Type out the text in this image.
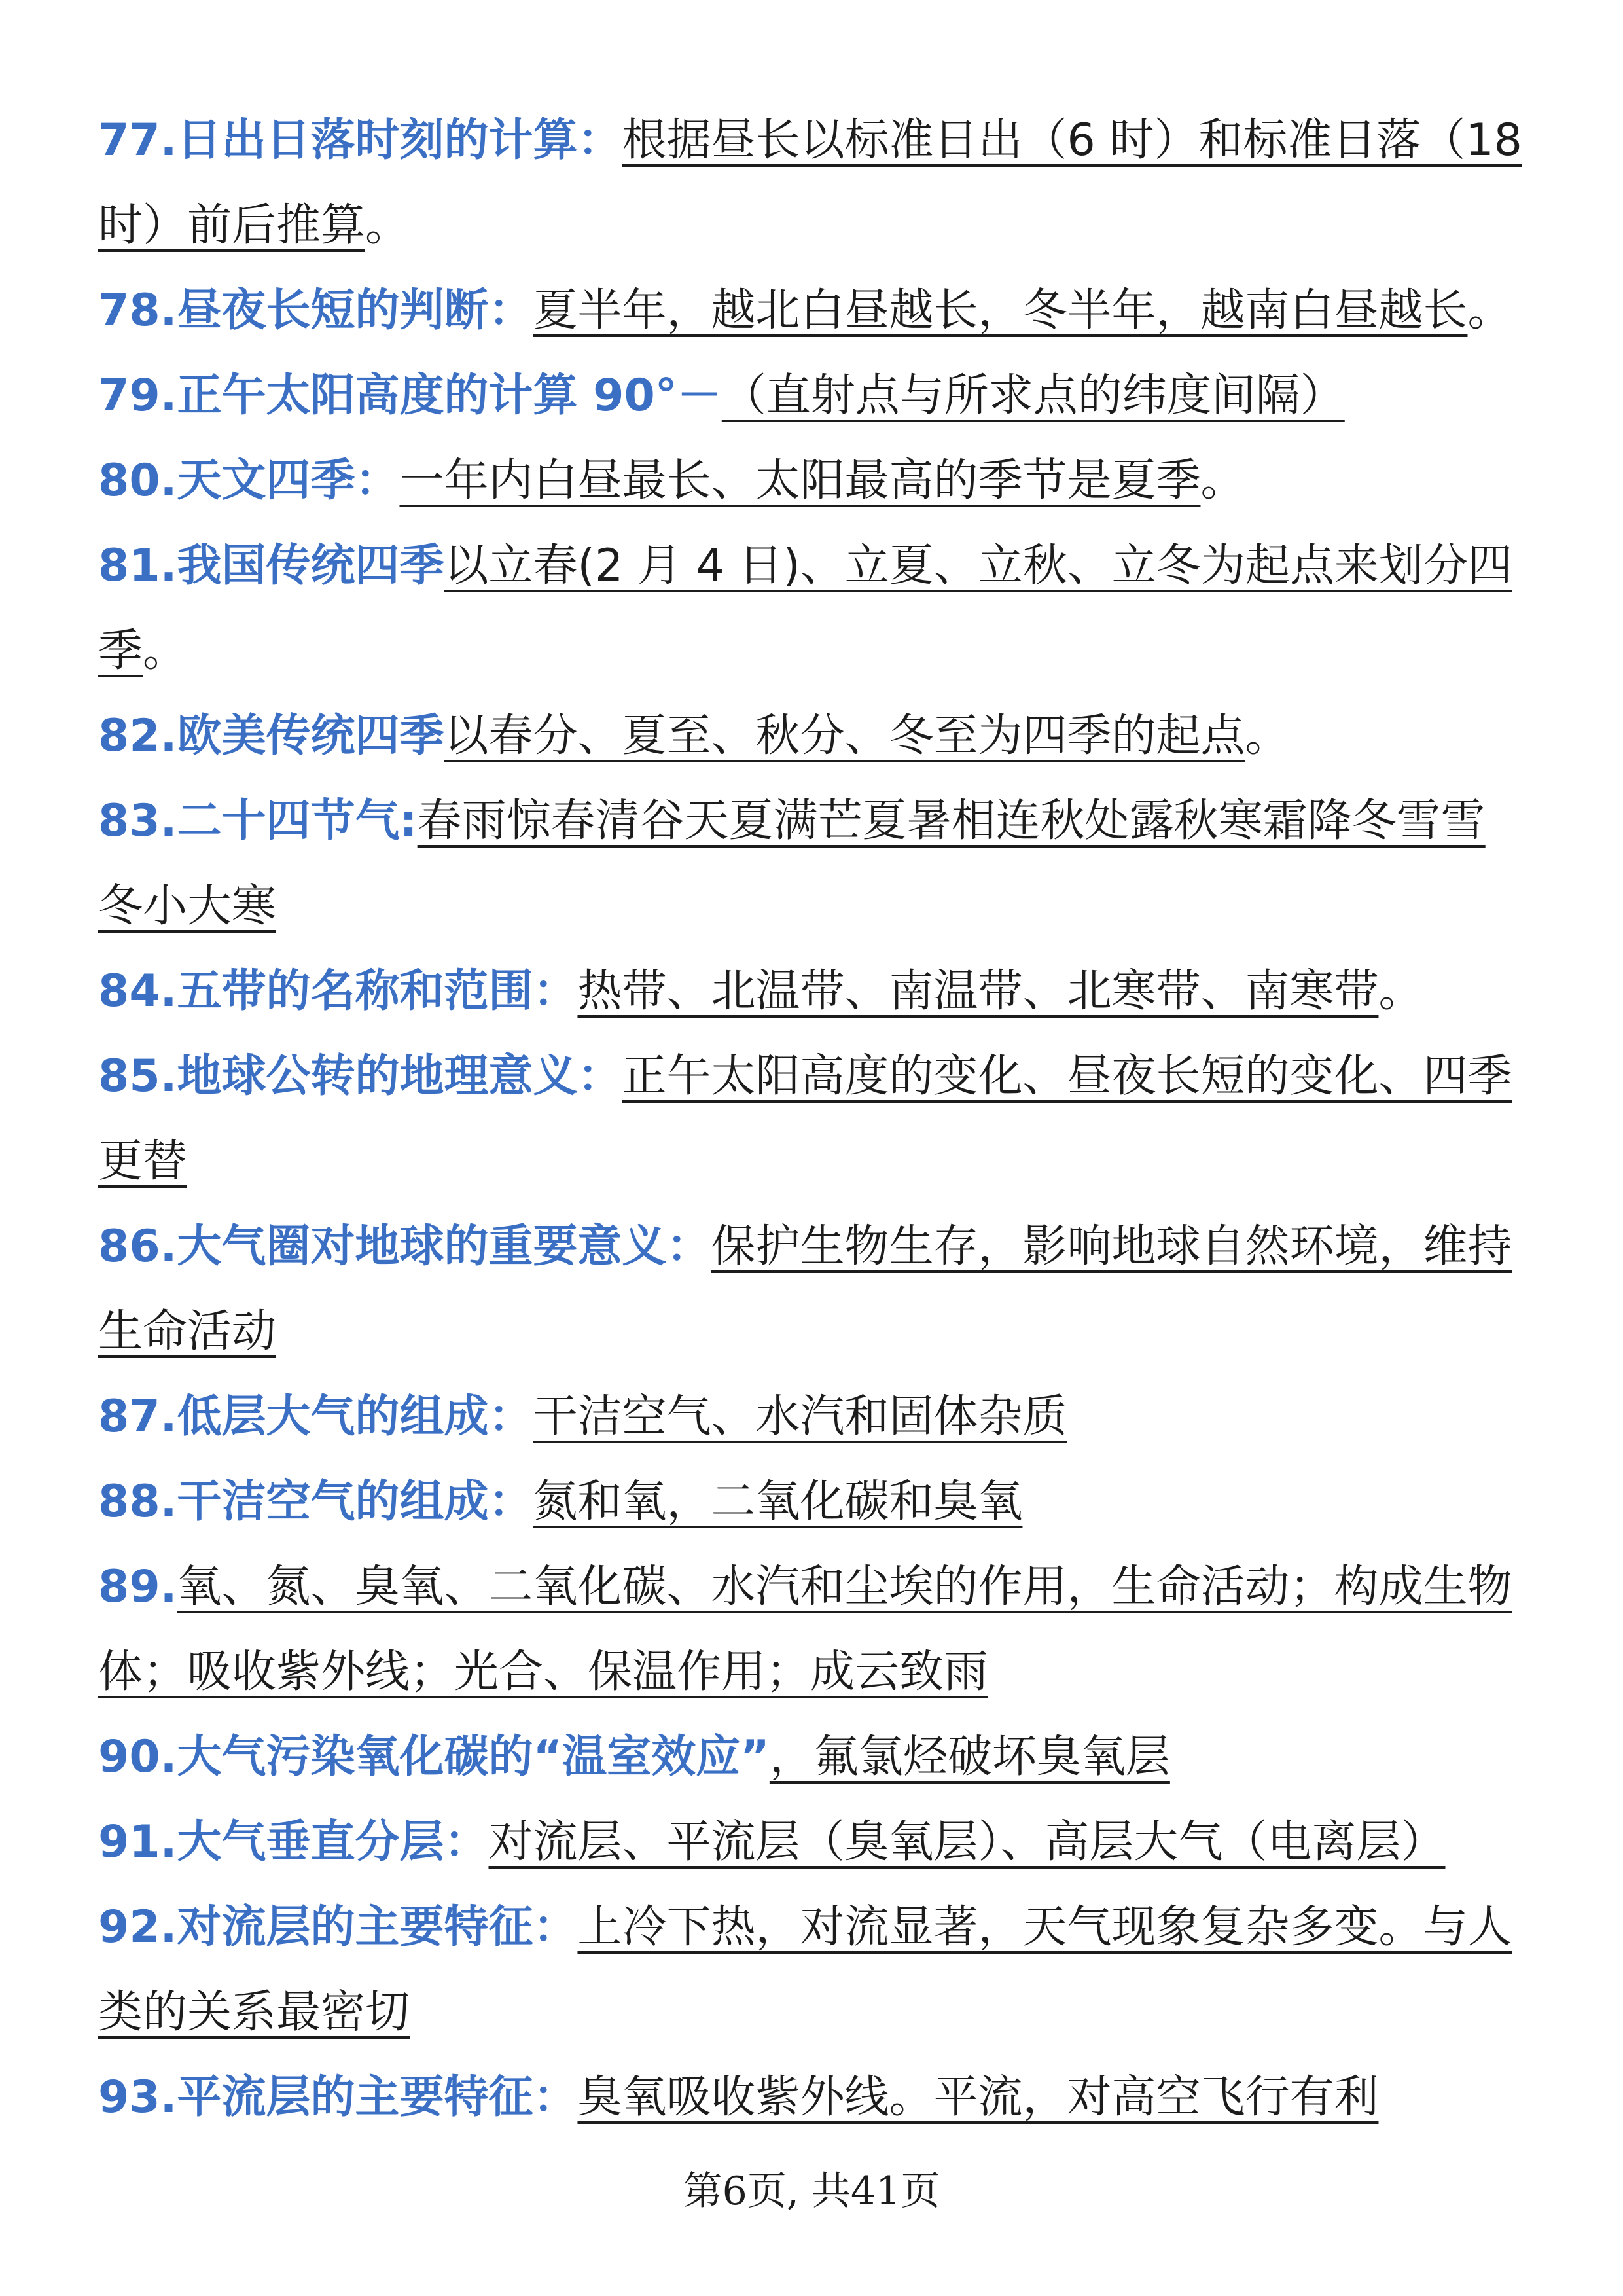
77.日出日落时刻的计算：根据昼长以标准日出（6 时）和标准日落（18 时）前后推算。

78.昼夜长短的判断：夏半年，越北白昼越长，冬半年，越南白昼越长。

79.正午太阳高度的计算 90°－（直射点与所求点的纬度间隔）

80.天文四季：一年内白昼最长、太阳最高的季节是夏季。

81.我国传统四季以立春(2 月 4 日)、立夏、立秋、立冬为起点来划分四季。

82.欧美传统四季以春分、夏至、秋分、冬至为四季的起点。

83.二十四节气:春雨惊春清谷天夏满芒夏暑相连秋处露秋寒霜降冬雪雪冬小大寒

84.五带的名称和范围：热带、北温带、南温带、北寒带、南寒带。

85.地球公转的地理意义：正午太阳高度的变化、昼夜长短的变化、四季更替

86.大气圈对地球的重要意义：保护生物生存，影响地球自然环境，维持生命活动

87.低层大气的组成：干洁空气、水汽和固体杂质

88.干洁空气的组成：氮和氧，二氧化碳和臭氧

89.氧、氮、臭氧、二氧化碳、水汽和尘埃的作用，生命活动；构成生物体；吸收紫外线；光合、保温作用；成云致雨

90.大气污染氧化碳的“温室效应”，氟氯烃破坏臭氧层

91.大气垂直分层：对流层、平流层（臭氧层）、高层大气（电离层）

92.对流层的主要特征：上冷下热，对流显著，天气现象复杂多变。与人类的关系最密切

93.平流层的主要特征：臭氧吸收紫外线。平流，对高空飞行有利

第6页, 共41页
